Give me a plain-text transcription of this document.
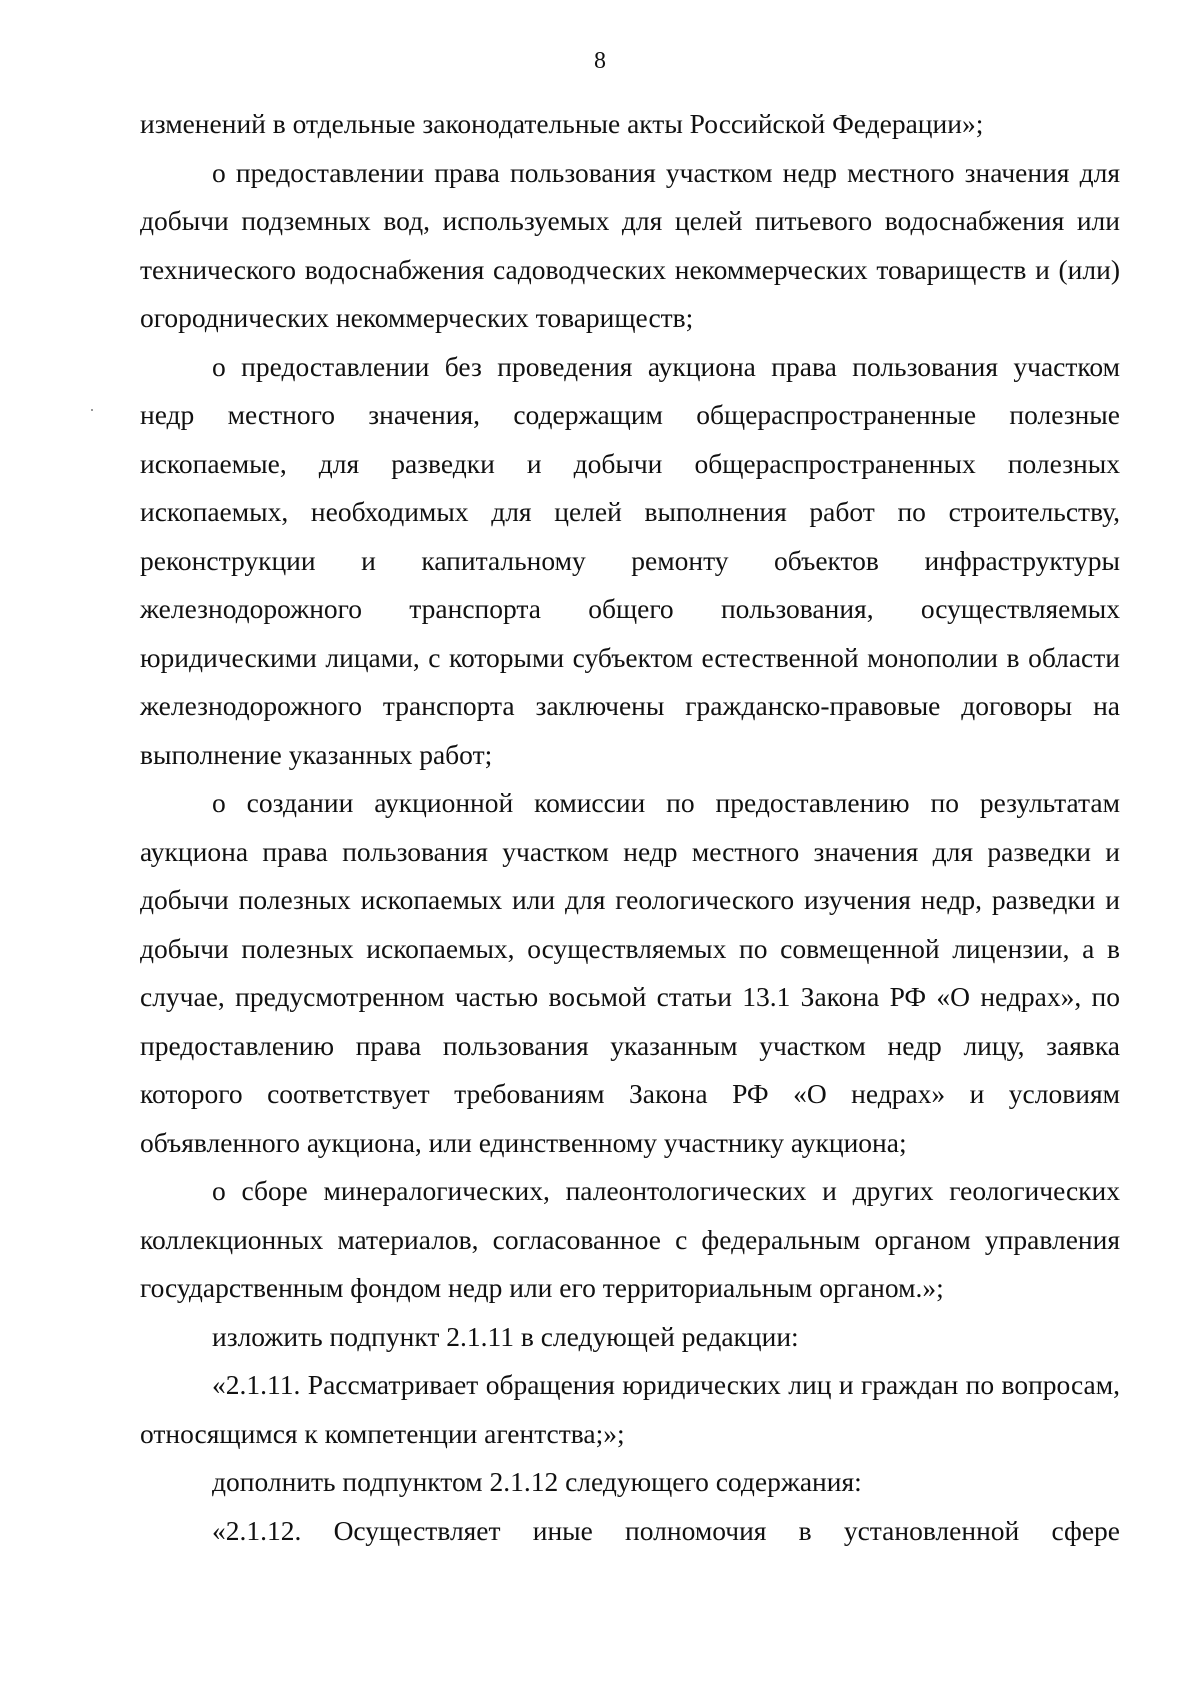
8

изменений в отдельные законодательные акты Российской Федерации»;

о предоставлении права пользования участком недр местного значения для добычи подземных вод, используемых для целей питьевого водоснабжения или технического водоснабжения садоводческих некоммерческих товариществ и (или) огороднических некоммерческих товариществ;

о предоставлении без проведения аукциона права пользования участком недр местного значения, содержащим общераспространенные полезные ископаемые, для разведки и добычи общераспространенных полезных ископаемых, необходимых для целей выполнения работ по строительству, реконструкции и капитальному ремонту объектов инфраструктуры железнодорожного транспорта общего пользования, осуществляемых юридическими лицами, с которыми субъектом естественной монополии в области железнодорожного транспорта заключены гражданско-правовые договоры на выполнение указанных работ;

о создании аукционной комиссии по предоставлению по результатам аукциона права пользования участком недр местного значения для разведки и добычи полезных ископаемых или для геологического изучения недр, разведки и добычи полезных ископаемых, осуществляемых по совмещенной лицензии, а в случае, предусмотренном частью восьмой статьи 13.1 Закона РФ «О недрах», по предоставлению права пользования указанным участком недр лицу, заявка которого соответствует требованиям Закона РФ «О недрах» и условиям объявленного аукциона, или единственному участнику аукциона;

о сборе минералогических, палеонтологических и других геологических коллекционных материалов, согласованное с федеральным органом управления государственным фондом недр или его территориальным органом.»;

изложить подпункт 2.1.11 в следующей редакции:

«2.1.11. Рассматривает обращения юридических лиц и граждан по вопросам, относящимся к компетенции агентства;»;

дополнить подпунктом 2.1.12 следующего содержания:

«2.1.12. Осуществляет иные полномочия в установленной сфере
